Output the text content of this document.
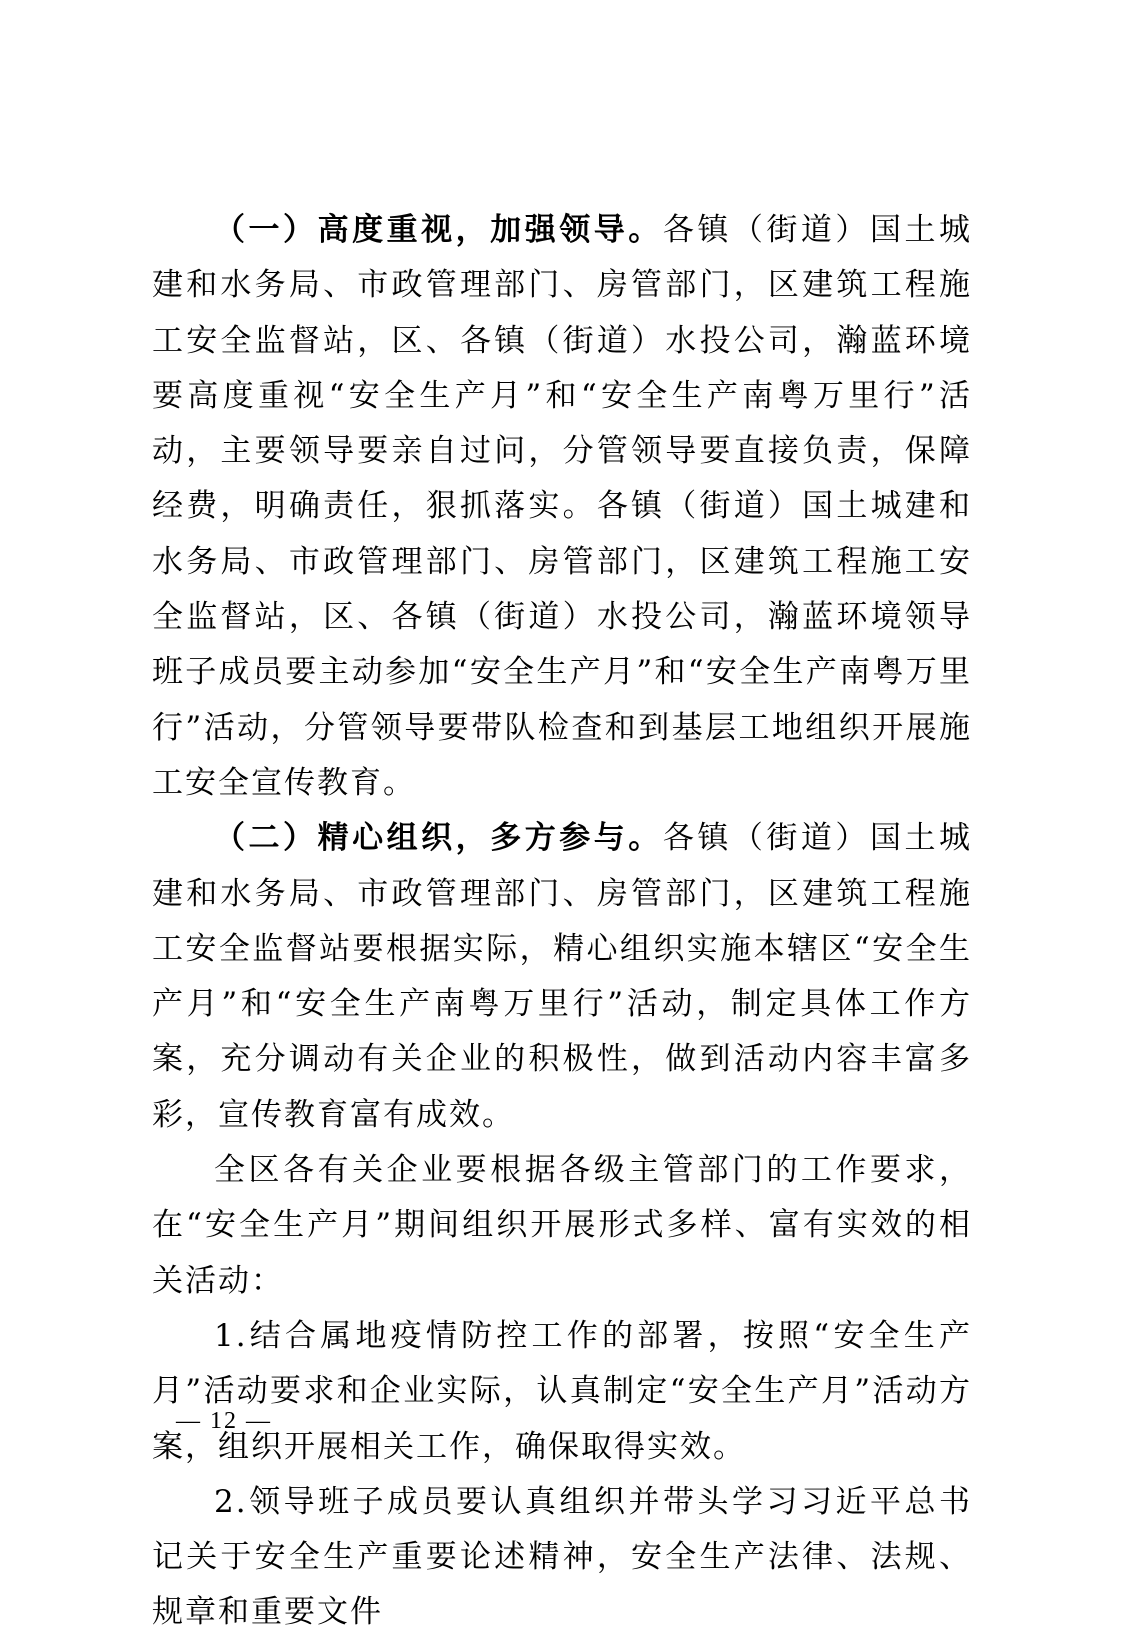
（一）高度重视，加强领导。各镇（街道）国土城建和水务局、市政管理部门、房管部门，区建筑工程施工安全监督站，区、各镇（街道）水投公司，瀚蓝环境要高度重视“安全生产月”和“安全生产南粤万里行”活动，主要领导要亲自过问，分管领导要直接负责，保障经费，明确责任，狠抓落实。各镇（街道）国土城建和水务局、市政管理部门、房管部门，区建筑工程施工安全监督站，区、各镇（街道）水投公司，瀚蓝环境领导班子成员要主动参加“安全生产月”和“安全生产南粤万里行”活动，分管领导要带队检查和到基层工地组织开展施工安全宣传教育。

（二）精心组织，多方参与。各镇（街道）国土城建和水务局、市政管理部门、房管部门，区建筑工程施工安全监督站要根据实际，精心组织实施本辖区“安全生产月”和“安全生产南粤万里行”活动，制定具体工作方案，充分调动有关企业的积极性，做到活动内容丰富多彩，宣传教育富有成效。

全区各有关企业要根据各级主管部门的工作要求，在“安全生产月”期间组织开展形式多样、富有实效的相关活动：

1.结合属地疫情防控工作的部署，按照“安全生产月”活动要求和企业实际，认真制定“安全生产月”活动方案，组织开展相关工作，确保取得实效。

2.领导班子成员要认真组织并带头学习习近平总书记关于安全生产重要论述精神，安全生产法律、法规、规章和重要文件

— 12 —
